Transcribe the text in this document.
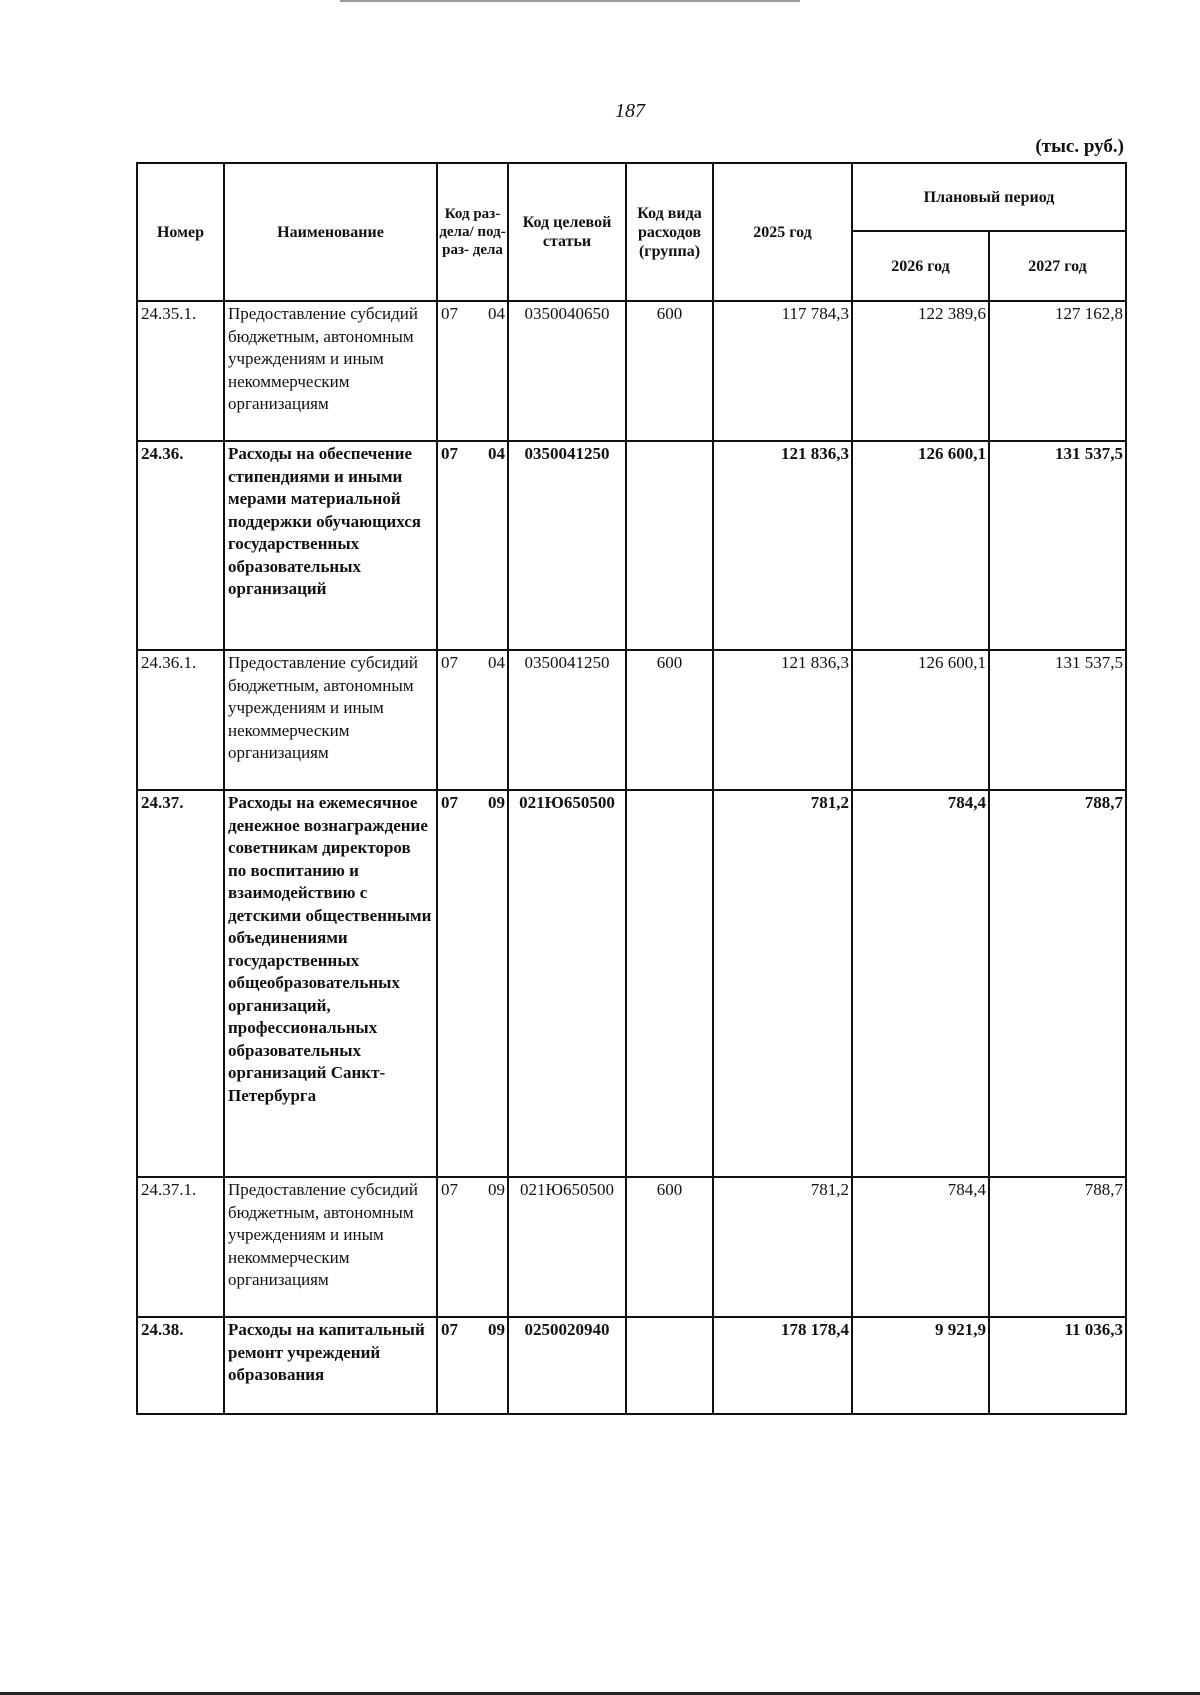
187
(тыс. руб.)
Номер	Наименование	Код раз- дела/ под- раз- дела	Код целевой статьи	Код вида расходов (группа)	2025 год	Плановый период	
						2026 год	2027 год
24.35.1.	Предоставление субсидий бюджетным, автономным учреждениям и иным некоммерческим организациям	07 04	0350040650	600	117 784,3	122 389,6	127 162,8
24.36.	Расходы на обеспечение стипендиями и иными мерами материальной поддержки обучающихся государственных образовательных организаций	07 04	0350041250		121 836,3	126 600,1	131 537,5
24.36.1.	Предоставление субсидий бюджетным, автономным учреждениям и иным некоммерческим организациям	07 04	0350041250	600	121 836,3	126 600,1	131 537,5
24.37.	Расходы на ежемесячное денежное вознаграждение советникам директоров по воспитанию и взаимодействию с детскими общественными объединениями государственных общеобразовательных организаций, профессиональных образовательных организаций Санкт-Петербурга	07 09	021Ю650500		781,2	784,4	788,7
24.37.1.	Предоставление субсидий бюджетным, автономным учреждениям и иным некоммерческим организациям	07 09	021Ю650500	600	781,2	784,4	788,7
24.38.	Расходы на капитальный ремонт учреждений образования	07 09	0250020940		178 178,4	9 921,9	11 036,3
